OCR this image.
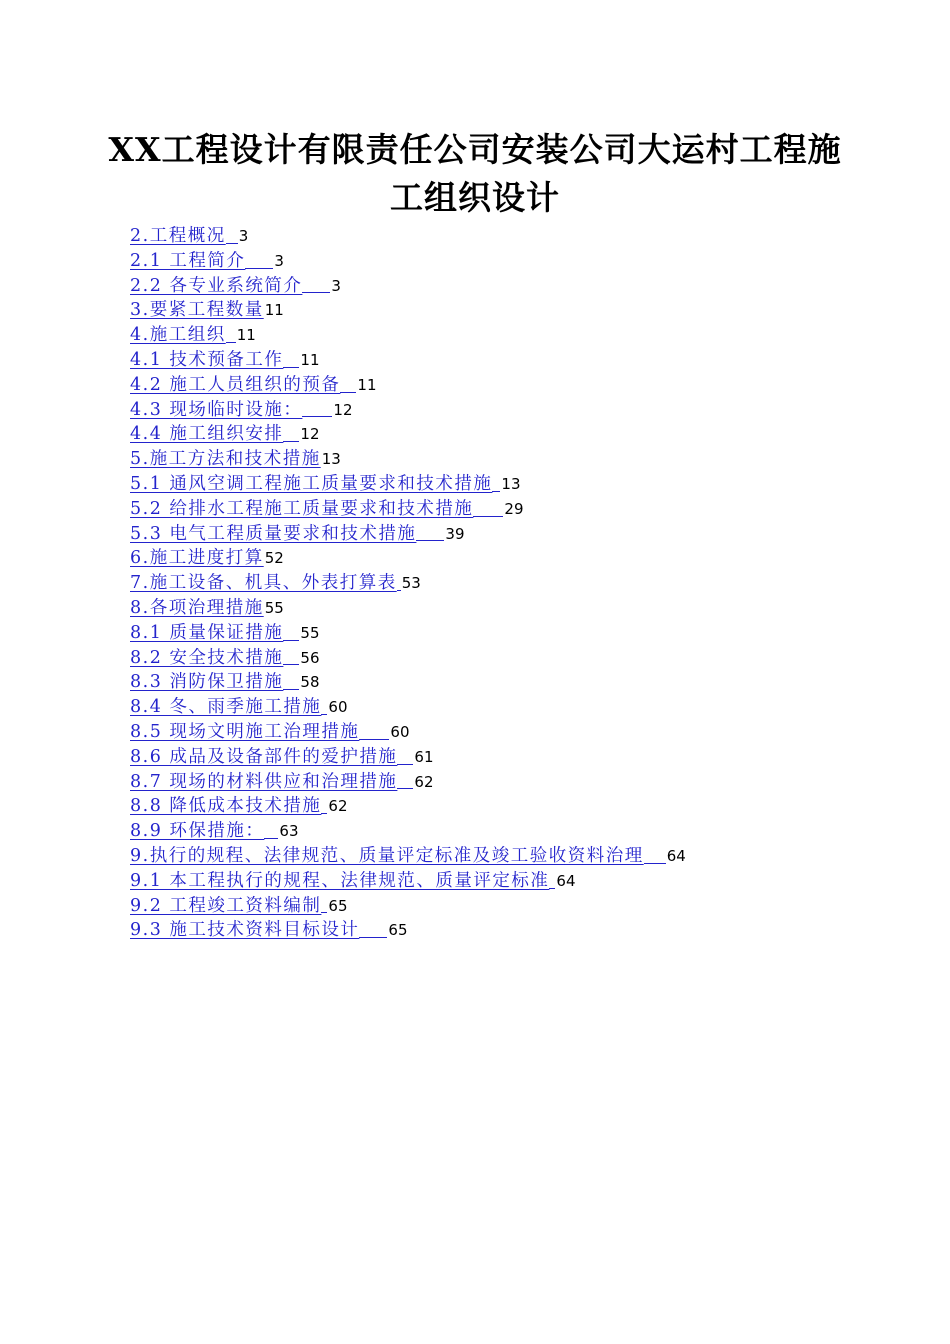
XX工程设计有限责任公司安装公司大运村工程施工组织设计
2.工程概况 3
2.1 工程简介 3
2.2 各专业系统简介 3
3.要紧工程数量 11
4.施工组织 11
4.1 技术预备工作 11
4.2 施工人员组织的预备 11
4.3 现场临时设施： 12
4.4 施工组织安排 12
5.施工方法和技术措施 13
5.1 通风空调工程施工质量要求和技术措施 13
5.2 给排水工程施工质量要求和技术措施 29
5.3 电气工程质量要求和技术措施 39
6.施工进度打算 52
7.施工设备、机具、外表打算表 53
8.各项治理措施 55
8.1 质量保证措施 55
8.2 安全技术措施 56
8.3 消防保卫措施 58
8.4 冬、雨季施工措施 60
8.5 现场文明施工治理措施 60
8.6 成品及设备部件的爱护措施 61
8.7 现场的材料供应和治理措施 62
8.8 降低成本技术措施 62
8.9 环保措施： 63
9.执行的规程、法律规范、质量评定标准及竣工验收资料治理 64
9.1 本工程执行的规程、法律规范、质量评定标准 64
9.2 工程竣工资料编制 65
9.3 施工技术资料目标设计 65
